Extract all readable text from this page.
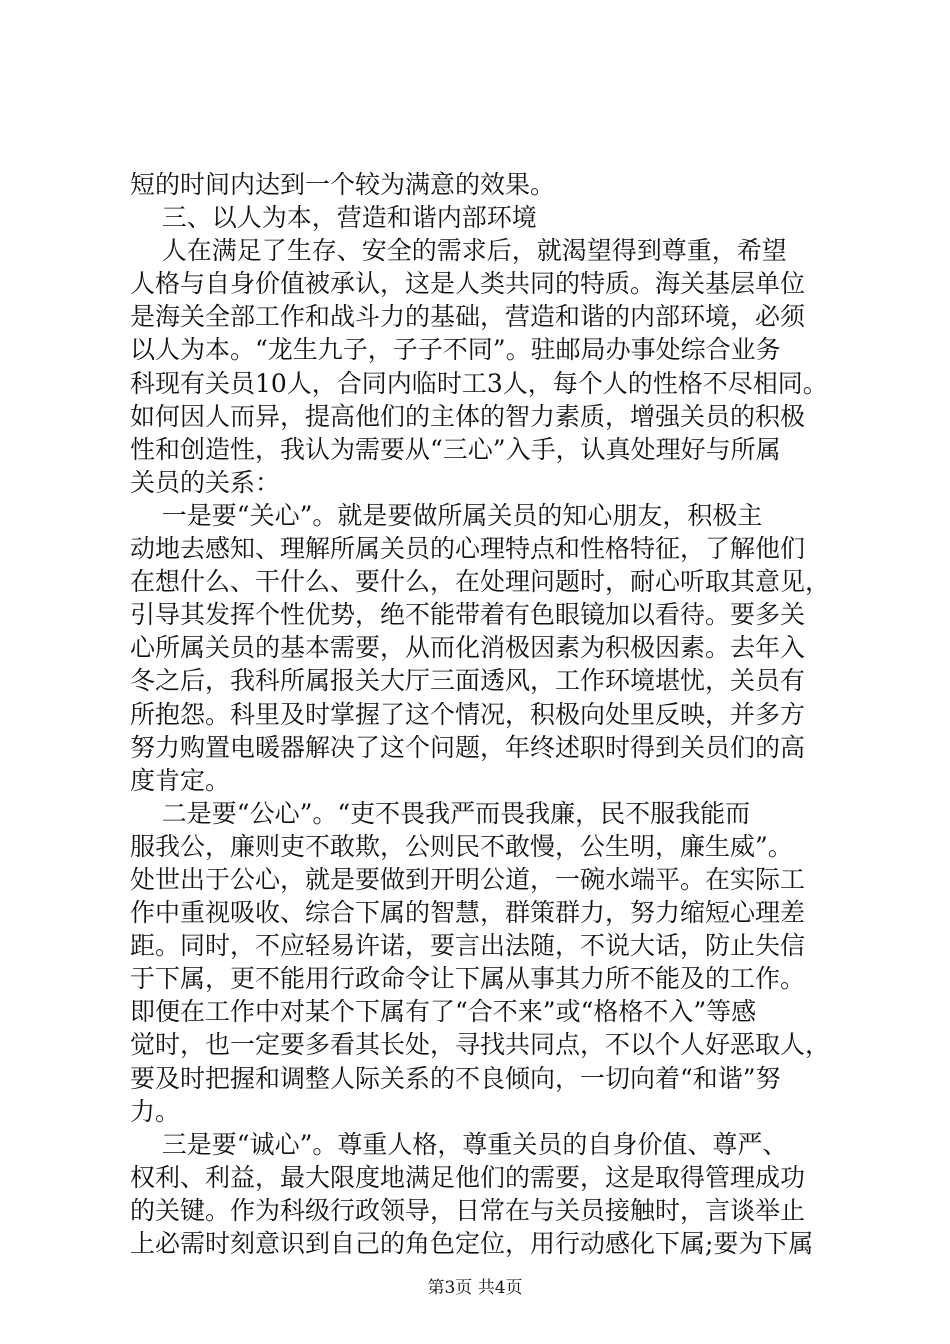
短的时间内达到一个较为满意的效果。
三、以人为本，营造和谐内部环境
人在满足了生存、安全的需求后，就渴望得到尊重，希望
人格与自身价值被承认，这是人类共同的特质。海关基层单位
是海关全部工作和战斗力的基础，营造和谐的内部环境，必须
以人为本。“龙生九子，子子不同”。驻邮局办事处综合业务
科现有关员10人，合同内临时工3人，每个人的性格不尽相同。
如何因人而异，提高他们的主体的智力素质，增强关员的积极
性和创造性，我认为需要从“三心”入手，认真处理好与所属
关员的关系：
一是要“关心”。就是要做所属关员的知心朋友，积极主
动地去感知、理解所属关员的心理特点和性格特征，了解他们
在想什么、干什么、要什么，在处理问题时，耐心听取其意见，
引导其发挥个性优势，绝不能带着有色眼镜加以看待。要多关
心所属关员的基本需要，从而化消极因素为积极因素。去年入
冬之后，我科所属报关大厅三面透风，工作环境堪忧，关员有
所抱怨。科里及时掌握了这个情况，积极向处里反映，并多方
努力购置电暖器解决了这个问题，年终述职时得到关员们的高
度肯定。
二是要“公心”。“吏不畏我严而畏我廉，民不服我能而
服我公，廉则吏不敢欺，公则民不敢慢，公生明，廉生威”。
处世出于公心，就是要做到开明公道，一碗水端平。在实际工
作中重视吸收、综合下属的智慧，群策群力，努力缩短心理差
距。同时，不应轻易许诺，要言出法随，不说大话，防止失信
于下属，更不能用行政命令让下属从事其力所不能及的工作。
即便在工作中对某个下属有了“合不来”或“格格不入”等感
觉时，也一定要多看其长处，寻找共同点，不以个人好恶取人，
要及时把握和调整人际关系的不良倾向，一切向着“和谐”努
力。
三是要“诚心”。尊重人格，尊重关员的自身价值、尊严、
权利、利益，最大限度地满足他们的需要，这是取得管理成功
的关键。作为科级行政领导，日常在与关员接触时，言谈举止
上必需时刻意识到自己的角色定位，用行动感化下属;要为下属
第3页 共4页
